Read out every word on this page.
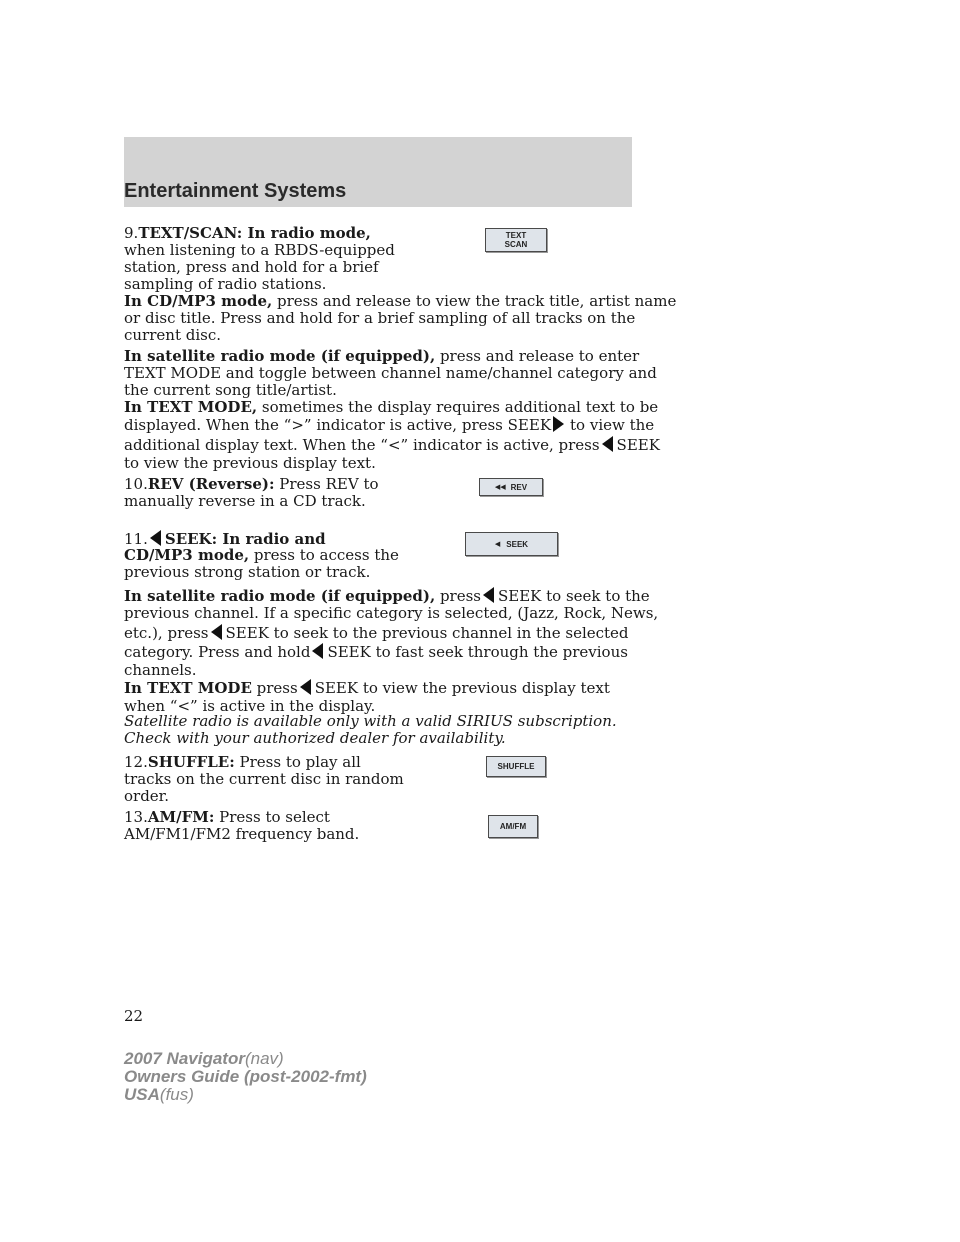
Entertainment Systems
TEXT
SCAN
◀◀ REV
◀ SEEK
SHUFFLE
AM/FM
9.TEXT/SCAN: In radio mode,
when listening to a RBDS-equipped
station, press and hold for a brief
sampling of radio stations.
In CD/MP3 mode, press and release to view the track title, artist name
or disc title. Press and hold for a brief sampling of all tracks on the
current disc.
In satellite radio mode (if equipped), press and release to enter
TEXT MODE and toggle between channel name/channel category and
the current song title/artist.
In TEXT MODE, sometimes the display requires additional text to be
displayed. When the “>” indicator is active, press SEEK to view the
additional display text. When the “<” indicator is active, press SEEK
to view the previous display text.
10.REV (Reverse): Press REV to
manually reverse in a CD track.
11. SEEK: In radio and
CD/MP3 mode, press to access the
previous strong station or track.
In satellite radio mode (if equipped), press SEEK to seek to the
previous channel. If a specific category is selected, (Jazz, Rock, News,
etc.), press SEEK to seek to the previous channel in the selected
category. Press and hold SEEK to fast seek through the previous
channels.
In TEXT MODE press SEEK to view the previous display text
when “<” is active in the display.
Satellite radio is available only with a valid SIRIUS subscription.
Check with your authorized dealer for availability.
12.SHUFFLE: Press to play all
tracks on the current disc in random
order.
13.AM/FM: Press to select
AM/FM1/FM2 frequency band.
22
2007 Navigator(nav)
Owners Guide (post-2002-fmt)
USA(fus)
